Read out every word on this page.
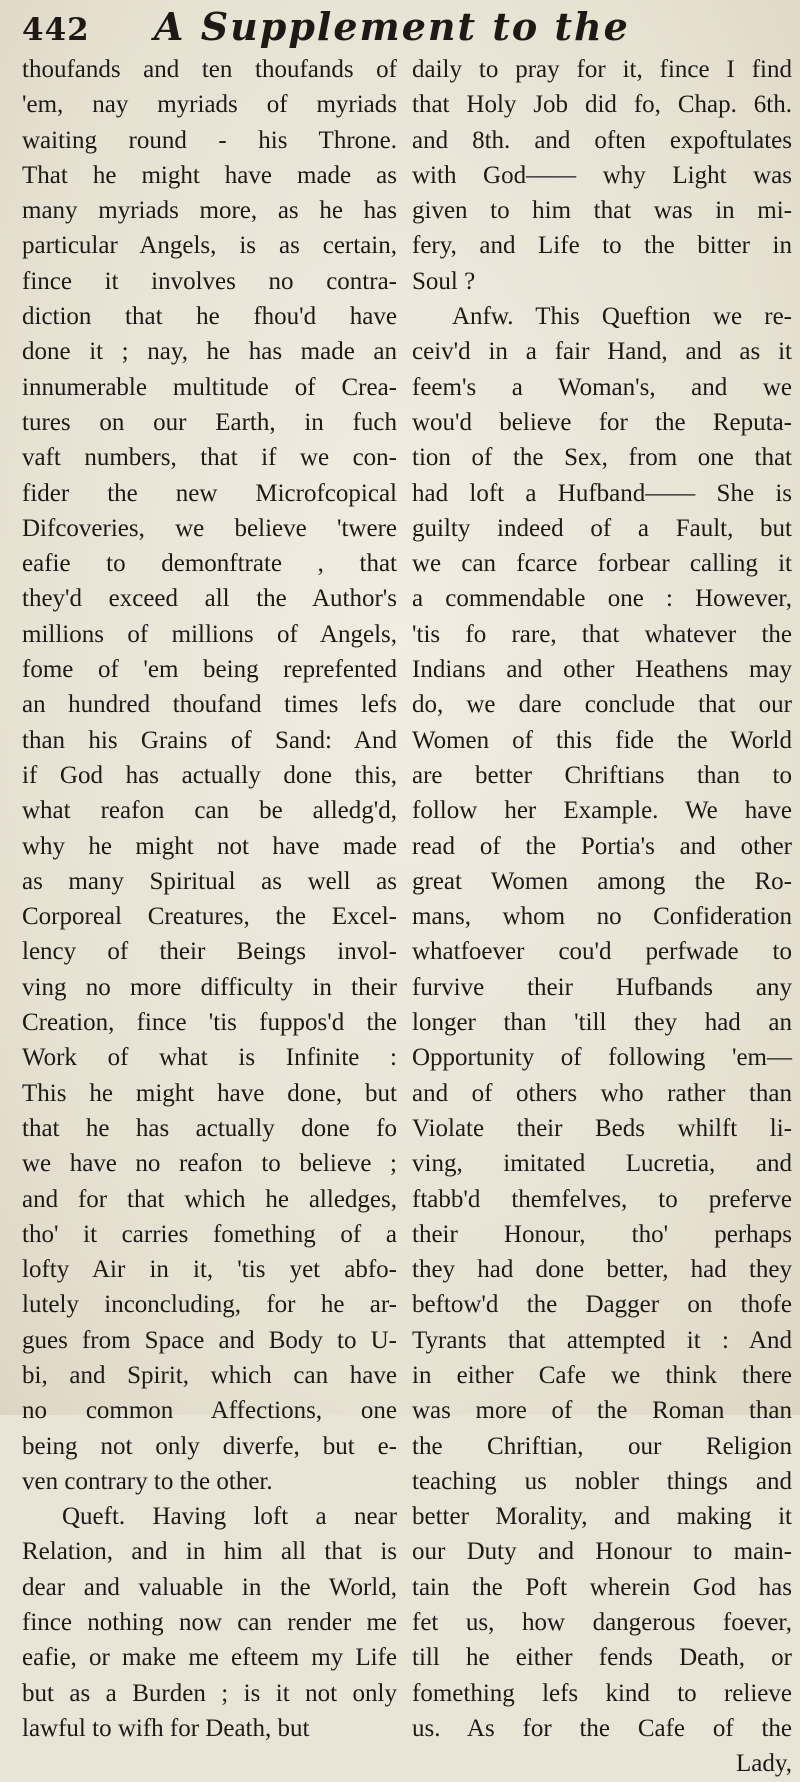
442 A Supplement to the
thoufands and ten thoufands of
'em, nay myriads of myriads
waiting round - his Throne.
That he might have made as
many myriads more, as he has
particular Angels, is as certain,
fince it involves no contra-
diction that he fhou'd have
done it ; nay, he has made an
innumerable multitude of Crea-
tures on our Earth, in fuch
vaft numbers, that if we con-
fider the new Microfcopical
Difcoveries, we believe 'twere
eafie to demonftrate , that
they'd exceed all the Author's
millions of millions of Angels,
fome of 'em being reprefented
an hundred thoufand times lefs
than his Grains of Sand: And
if God has actually done this,
what reafon can be alledg'd,
why he might not have made
as many Spiritual as well as
Corporeal Creatures, the Excel-
lency of their Beings invol-
ving no more difficulty in their
Creation, fince 'tis fuppos'd the
Work of what is Infinite :
This he might have done, but
that he has actually done fo
we have no reafon to believe ;
and for that which he alledges,
tho' it carries fomething of a
lofty Air in it, 'tis yet abfo-
lutely inconcluding, for he ar-
gues from Space and Body to U-
bi, and Spirit, which can have
no common Affections, one
being not only diverfe, but e-
ven contrary to the other.
Queft. Having loft a near
Relation, and in him all that is
dear and valuable in the World,
fince nothing now can render me
eafie, or make me efteem my Life
but as a Burden ; is it not only
lawful to wifh for Death, but
daily to pray for it, fince I find
that Holy Job did fo, Chap. 6th.
and 8th. and often expoftulates
with God—— why Light was
given to him that was in mi-
fery, and Life to the bitter in
Soul ?
Anfw. This Queftion we re-
ceiv'd in a fair Hand, and as it
feem's a Woman's, and we
wou'd believe for the Reputa-
tion of the Sex, from one that
had loft a Hufband—— She is
guilty indeed of a Fault, but
we can fcarce forbear calling it
a commendable one : However,
'tis fo rare, that whatever the
Indians and other Heathens may
do, we dare conclude that our
Women of this fide the World
are better Chriftians than to
follow her Example. We have
read of the Portia's and other
great Women among the Ro-
mans, whom no Confideration
whatfoever cou'd perfwade to
furvive their Hufbands any
longer than 'till they had an
Opportunity of following 'em—
and of others who rather than
Violate their Beds whilft li-
ving, imitated Lucretia, and
ftabb'd themfelves, to preferve
their Honour, tho' perhaps
they had done better, had they
beftow'd the Dagger on thofe
Tyrants that attempted it : And
in either Cafe we think there
was more of the Roman than
the Chriftian, our Religion
teaching us nobler things and
better Morality, and making it
our Duty and Honour to main-
tain the Poft wherein God has
fet us, how dangerous foever,
till he either fends Death, or
fomething lefs kind to relieve
us. As for the Cafe of the
Lady,
